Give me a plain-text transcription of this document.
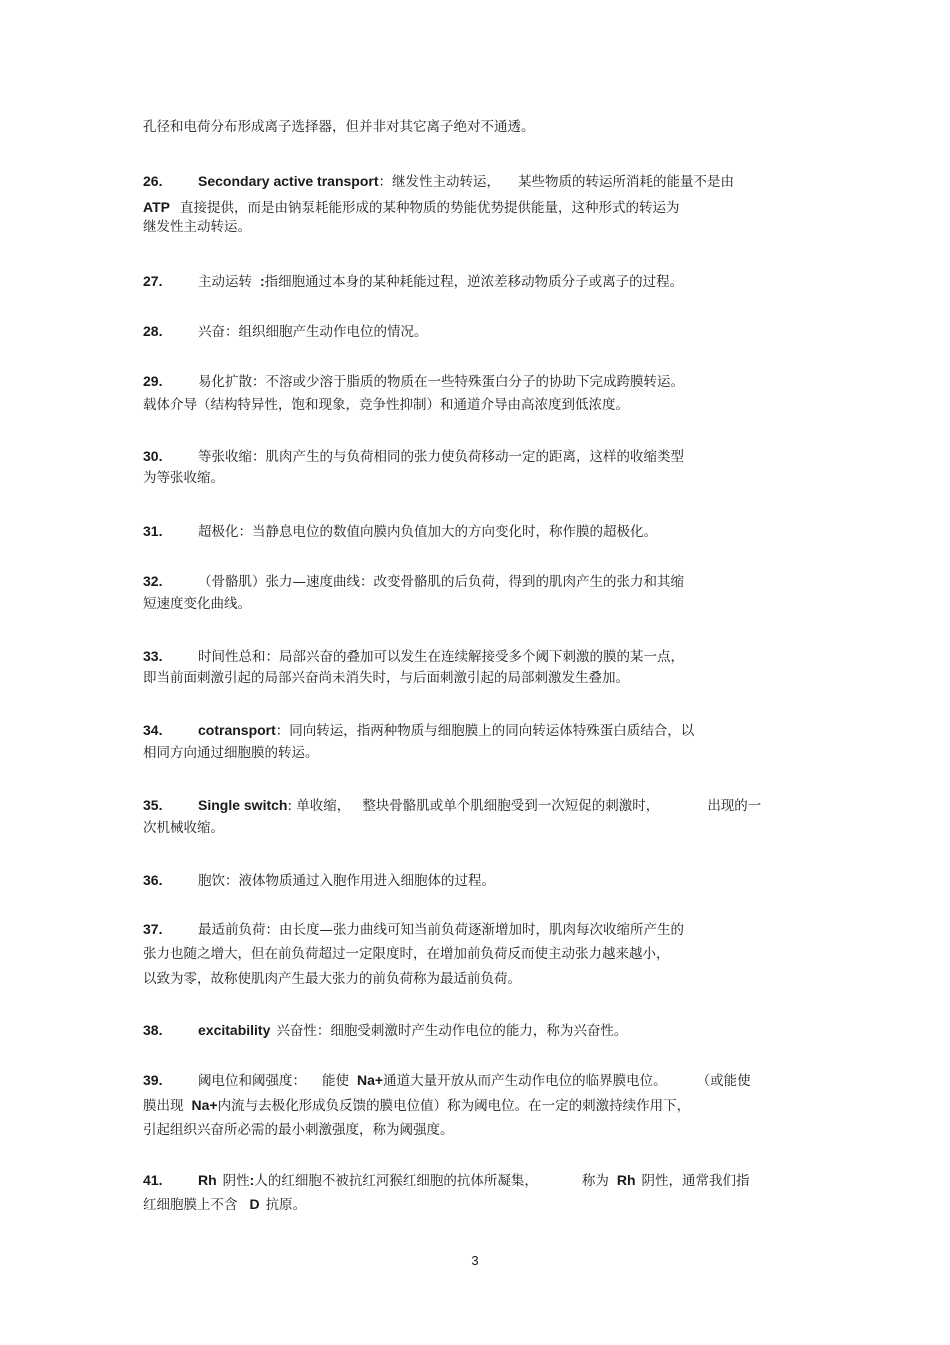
孔径和电荷分布形成离子选择器，但并非对其它离子绝对不通透。
26.	Secondary active transport：继发性主动转运， 某些物质的转运所消耗的能量不是由
ATP 直接提供，而是由钠泵耗能形成的某种物质的势能优势提供能量，这种形式的转运为
继发性主动转运。
27.	主动运转 :指细胞通过本身的某种耗能过程，逆浓差移动物质分子或离子的过程。
28.	兴奋：组织细胞产生动作电位的情况。
29.	易化扩散：不溶或少溶于脂质的物质在一些特殊蛋白分子的协助下完成跨膜转运。
载体介导（结构特异性，饱和现象，竞争性抑制）和通道介导由高浓度到低浓度。
30.	等张收缩：肌肉产生的与负荷相同的张力使负荷移动一定的距离，这样的收缩类型
为等张收缩。
31.	超极化：当静息电位的数值向膜内负值加大的方向变化时，称作膜的超极化。
32.	（骨骼肌）张力—速度曲线：改变骨骼肌的后负荷，得到的肌肉产生的张力和其缩
短速度变化曲线。
33.	时间性总和：局部兴奋的叠加可以发生在连续解接受多个阈下刺激的膜的某一点，
即当前面刺激引起的局部兴奋尚未消失时，与后面刺激引起的局部刺激发生叠加。
34.	cotransport：同向转运，指两种物质与细胞膜上的同向转运体特殊蛋白质结合，以
相同方向通过细胞膜的转运。
35.	Single switch: 单收缩， 整块骨骼肌或单个肌细胞受到一次短促的刺激时，	出现的一
次机械收缩。
36.	胞饮：液体物质通过入胞作用进入细胞体的过程。
37.	最适前负荷：由长度—张力曲线可知当前负荷逐渐增加时，肌肉每次收缩所产生的
张力也随之增大，但在前负荷超过一定限度时，在增加前负荷反而使主动张力越来越小，
以致为零，故称使肌肉产生最大张力的前负荷称为最适前负荷。
38.	excitability 兴奋性：细胞受刺激时产生动作电位的能力，称为兴奋性。
39.	阈电位和阈强度： 能使 Na+通道大量开放从而产生动作电位的临界膜电位。 （或能使
膜出现 Na+内流与去极化形成负反馈的膜电位值）称为阈电位。在一定的刺激持续作用下，
引起组织兴奋所必需的最小刺激强度，称为阈强度。
41.	Rh 阴性:人的红细胞不被抗红河猴红细胞的抗体所凝集，	称为 Rh 阴性，通常我们指
红细胞膜上不含 D 抗原。
3
